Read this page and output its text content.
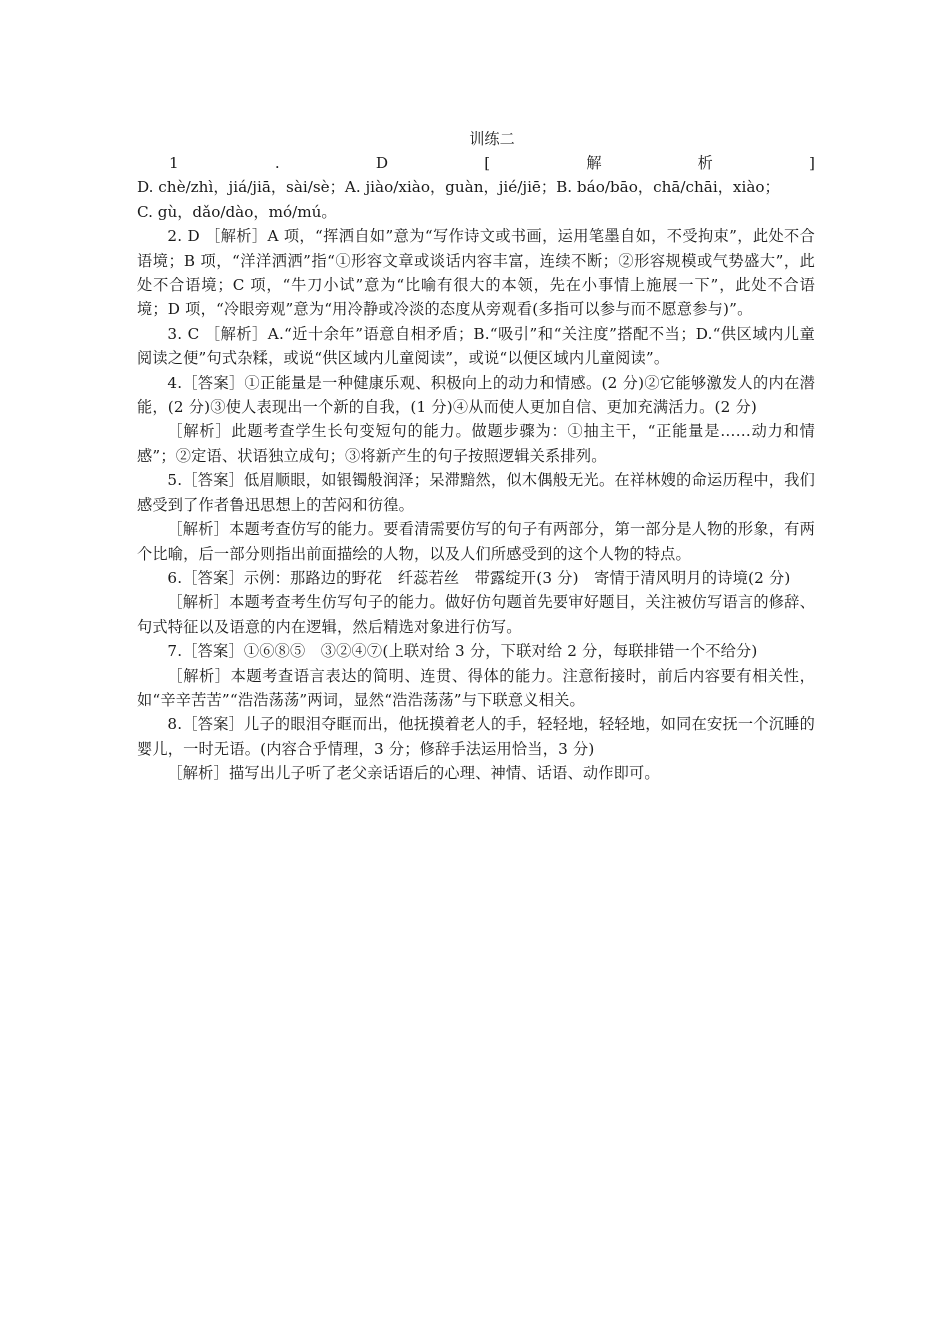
训练二

1	.	D	[	解	析	]

D. chè/zhì，jiá/jiā，sài/sè；A. jiào/xiào，guàn，jié/jiē；B. báo/bāo，chā/chāi，xiào；

C. gù，dǎo/dào，mó/mú。

2. D ［解析］A 项，“挥洒自如”意为“写作诗文或书画，运用笔墨自如，不受拘束”，此处不合语境；B 项，“洋洋洒洒”指“①形容文章或谈话内容丰富，连续不断；②形容规模或气势盛大”，此处不合语境；C 项，“牛刀小试”意为“比喻有很大的本领，先在小事情上施展一下”，此处不合语境；D 项，“冷眼旁观”意为“用冷静或冷淡的态度从旁观看(多指可以参与而不愿意参与)”。

3. C ［解析］A.“近十余年”语意自相矛盾；B.“吸引”和“关注度”搭配不当；D.“供区域内儿童阅读之便”句式杂糅，或说“供区域内儿童阅读”，或说“以便区域内儿童阅读”。

4.［答案］①正能量是一种健康乐观、积极向上的动力和情感。(2 分)②它能够激发人的内在潜能，(2 分)③使人表现出一个新的自我，(1 分)④从而使人更加自信、更加充满活力。(2 分)

［解析］此题考查学生长句变短句的能力。做题步骤为：①抽主干，“正能量是……动力和情感”；②定语、状语独立成句；③将新产生的句子按照逻辑关系排列。

5.［答案］低眉顺眼，如银镯般润泽；呆滞黯然，似木偶般无光。在祥林嫂的命运历程中，我们感受到了作者鲁迅思想上的苦闷和彷徨。

［解析］本题考查仿写的能力。要看清需要仿写的句子有两部分，第一部分是人物的形象，有两个比喻，后一部分则指出前面描绘的人物，以及人们所感受到的这个人物的特点。

6.［答案］示例：那路边的野花　纤蕊若丝　带露绽开(3 分)　寄情于清风明月的诗境(2 分)

［解析］本题考查考生仿写句子的能力。做好仿句题首先要审好题目，关注被仿写语言的修辞、句式特征以及语意的内在逻辑，然后精选对象进行仿写。

7.［答案］①⑥⑧⑤　③②④⑦(上联对给 3 分，下联对给 2 分，每联排错一个不给分)

［解析］本题考查语言表达的简明、连贯、得体的能力。注意衔接时，前后内容要有相关性，如“辛辛苦苦”“浩浩荡荡”两词，显然“浩浩荡荡”与下联意义相关。

8.［答案］儿子的眼泪夺眶而出，他抚摸着老人的手，轻轻地，轻轻地，如同在安抚一个沉睡的婴儿，一时无语。(内容合乎情理，3 分；修辞手法运用恰当，3 分)

［解析］描写出儿子听了老父亲话语后的心理、神情、话语、动作即可。
